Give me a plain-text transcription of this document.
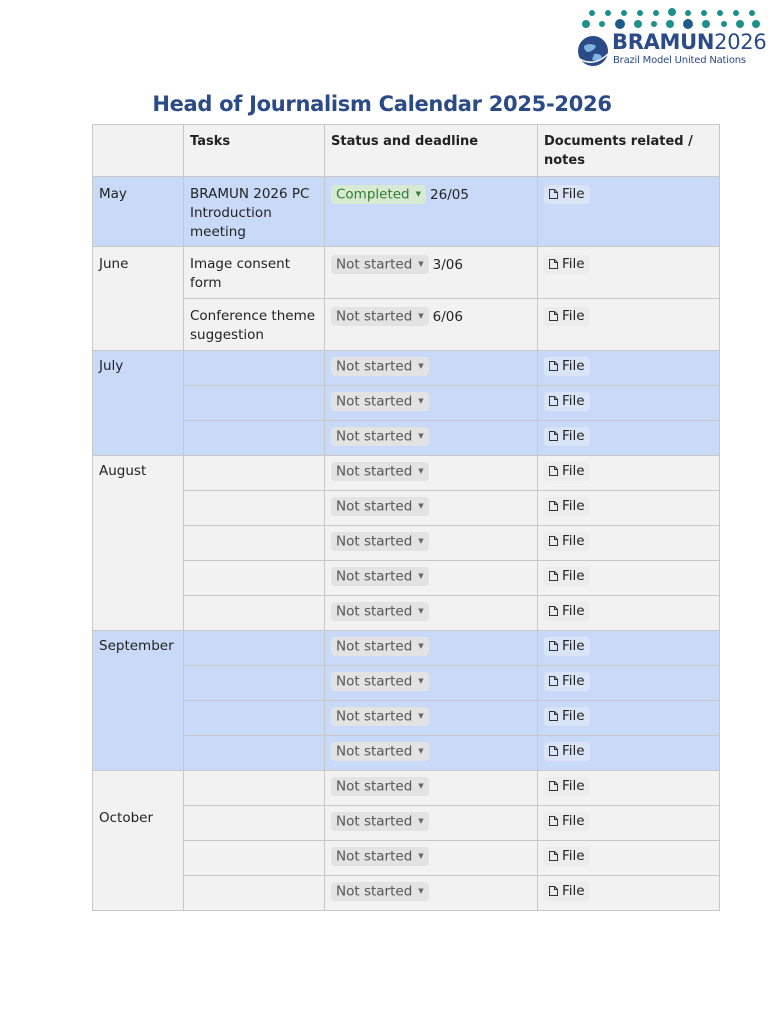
BRAMUN2026
Brazil Model United Nations
Head of Journalism Calendar 2025-2026
	Tasks	Status and deadline	Documents related / notes
May	BRAMUN 2026 PC Introduction meeting	Completed ▼ 26/05	File
June	Image consent form	Not started ▼ 3/06	File
	Conference theme suggestion	Not started ▼ 6/06	File
July		Not started ▼	File
		Not started ▼	File
		Not started ▼	File
August		Not started ▼	File
		Not started ▼	File
		Not started ▼	File
		Not started ▼	File
		Not started ▼	File
September		Not started ▼	File
		Not started ▼	File
		Not started ▼	File
		Not started ▼	File
October		Not started ▼	File
		Not started ▼	File
		Not started ▼	File
		Not started ▼	File
